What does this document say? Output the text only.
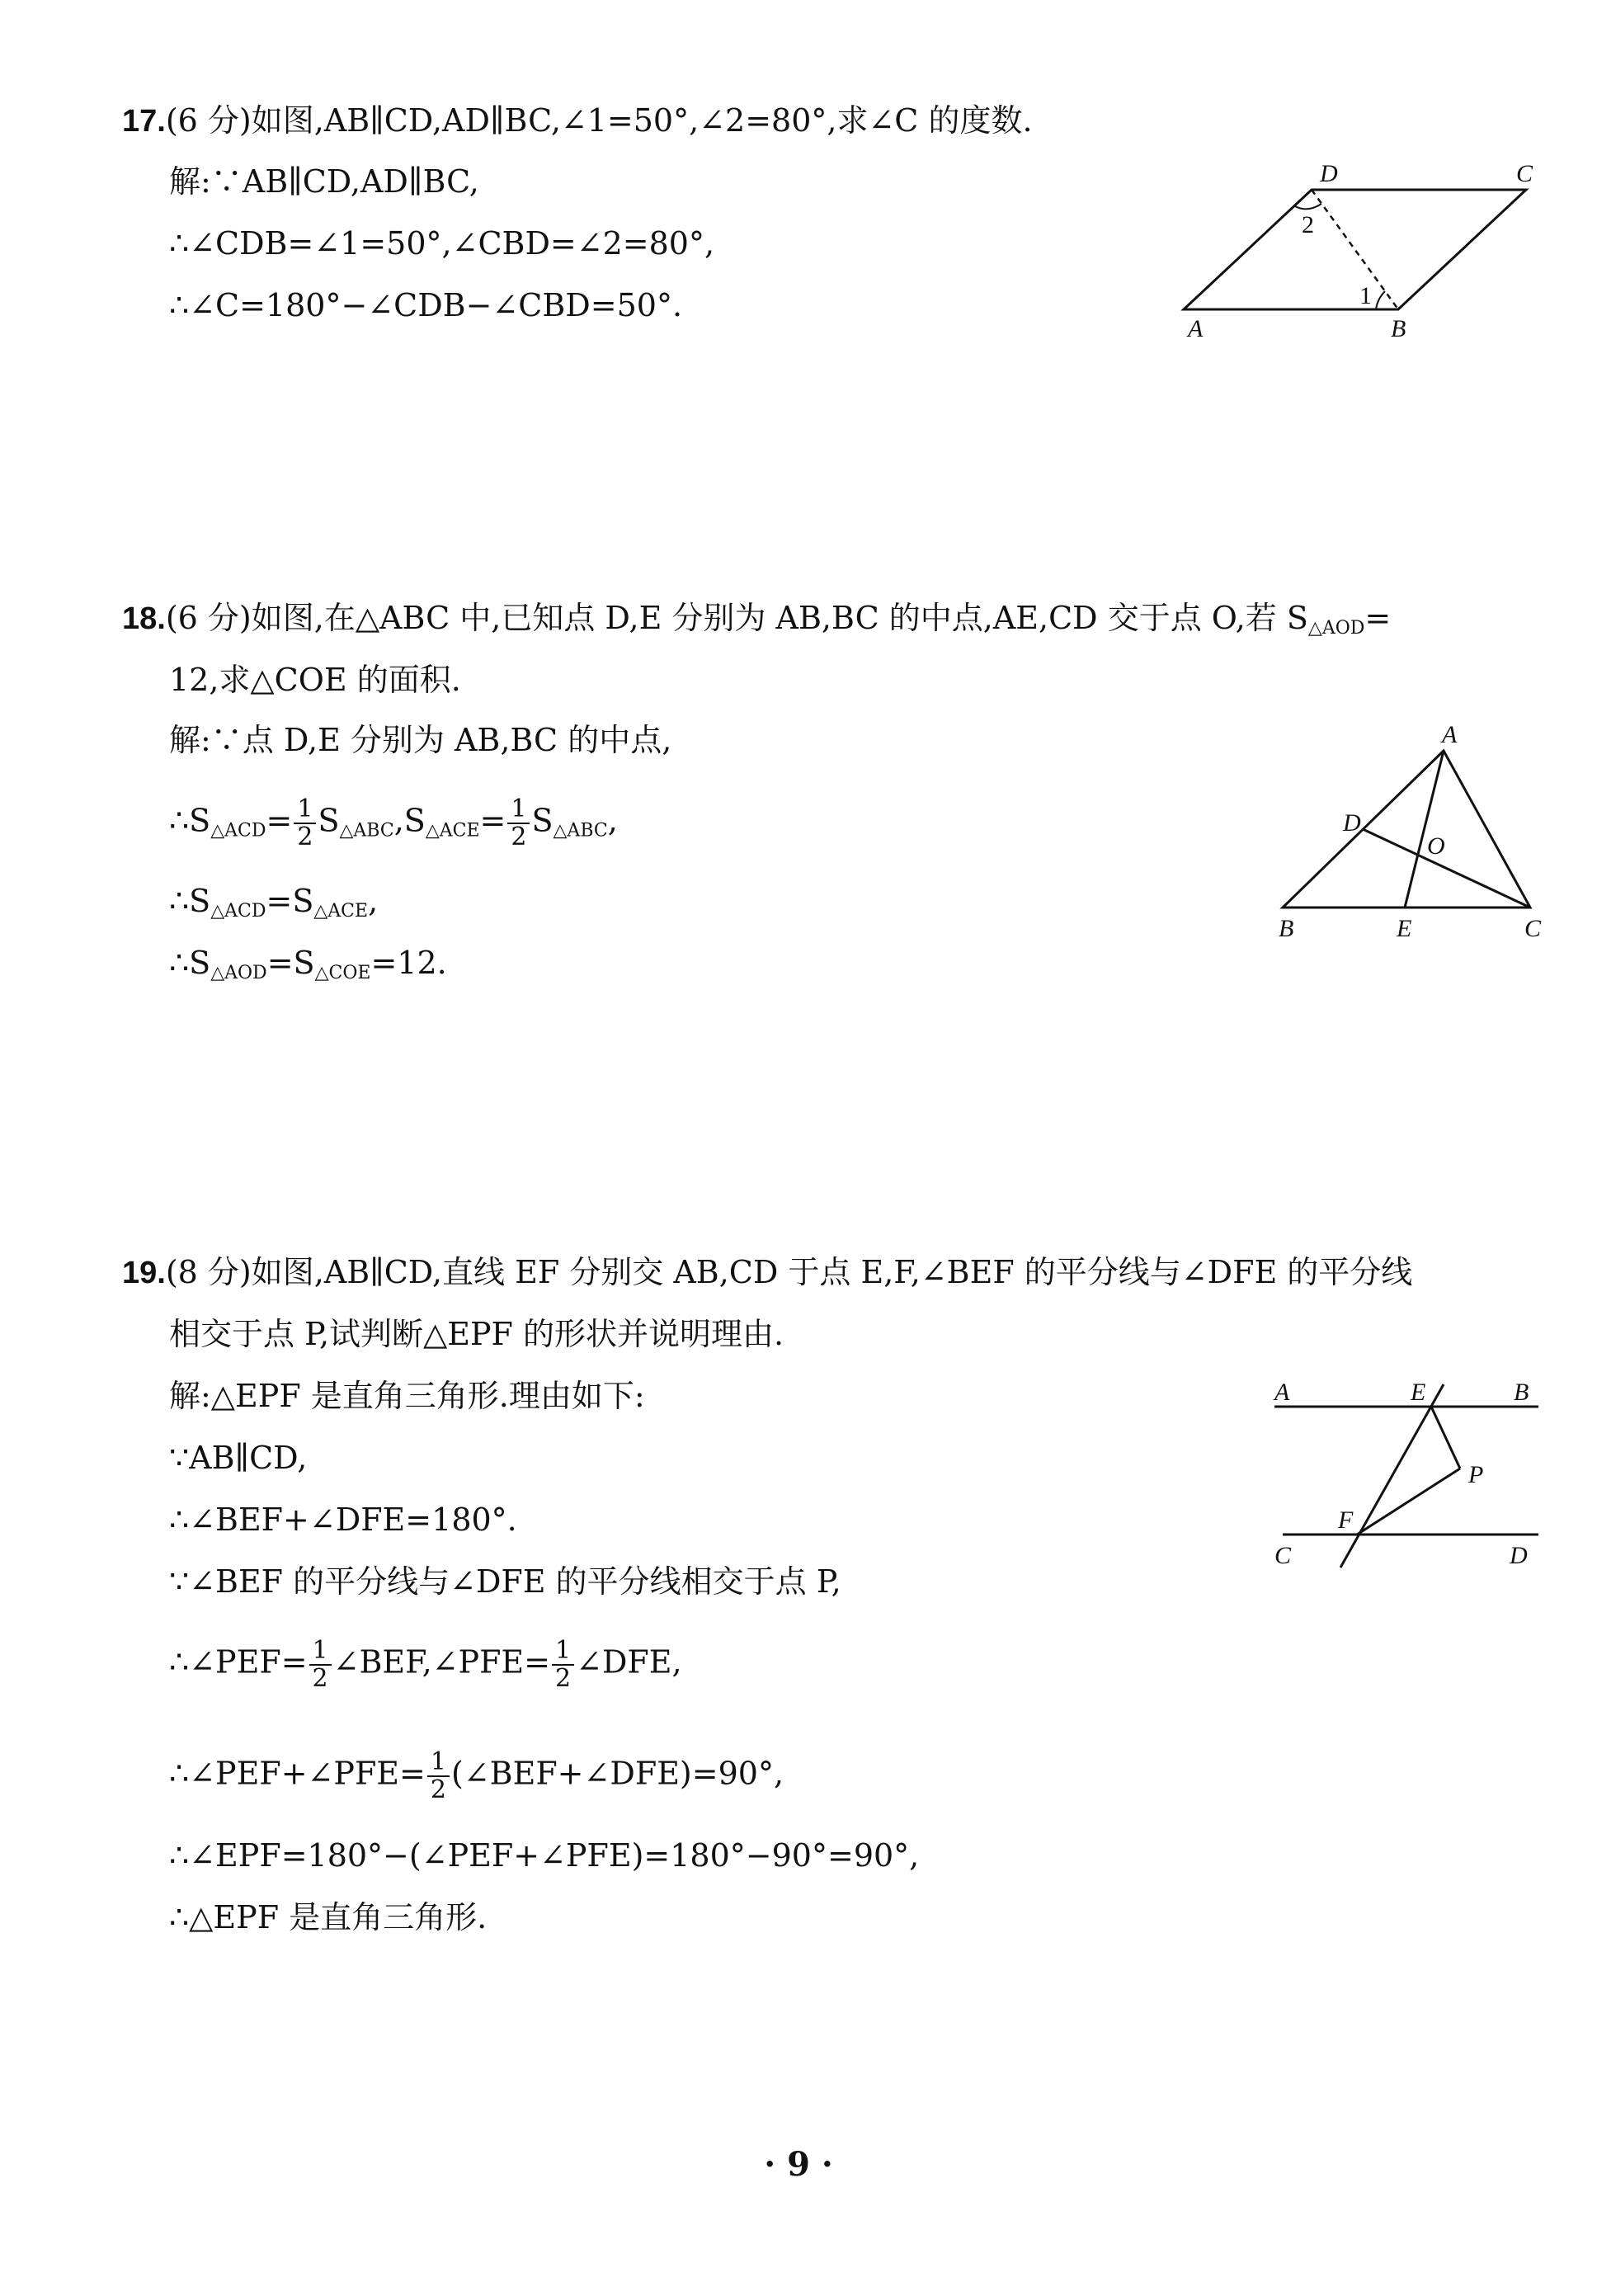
17.(6 分)如图,AB∥CD,AD∥BC,∠1=50°,∠2=80°,求∠C 的度数.
解:∵AB∥CD,AD∥BC,
∴∠CDB=∠1=50°,∠CBD=∠2=80°,
∴∠C=180°−∠CDB−∠CBD=50°.
D	C
A	B
2
1
18.(6 分)如图,在△ABC 中,已知点 D,E 分别为 AB,BC 的中点,AE,CD 交于点 O,若 $S_{\triangle AOD}=$
12,求△COE 的面积.
解:∵点 D,E 分别为 AB,BC 的中点,
$\therefore S_{\triangle ACD}= \frac{1}{2} S_{\triangle ABC},S_{\triangle ACE}= \frac{1}{2} S_{\triangle ABC}$,
$\therefore S_{\triangle ACD}=S_{\triangle ACE}$,
$\therefore S_{\triangle AOD}=S_{\triangle COE}=12$.
A
D
O
B	E	C
19.(8 分)如图,AB∥CD,直线 EF 分别交 AB,CD 于点 E,F,∠BEF 的平分线与∠DFE 的平分线
相交于点 P,试判断△EPF 的形状并说明理由.
解:△EPF 是直角三角形.理由如下:
∵AB∥CD,
∴∠BEF+∠DFE=180°.
∵∠BEF 的平分线与∠DFE 的平分线相交于点 P,
∴∠PEF= $\frac{1}{2}$ ∠BEF,∠PFE= $\frac{1}{2}$ ∠DFE,
∴∠PEF+∠PFE= $\frac{1}{2}$ (∠BEF+∠DFE)=90°,
∴∠EPF=180°−(∠PEF+∠PFE)=180°−90°=90°,
∴△EPF 是直角三角形.
A	E	B
P
F
C	D
· 9 ·
